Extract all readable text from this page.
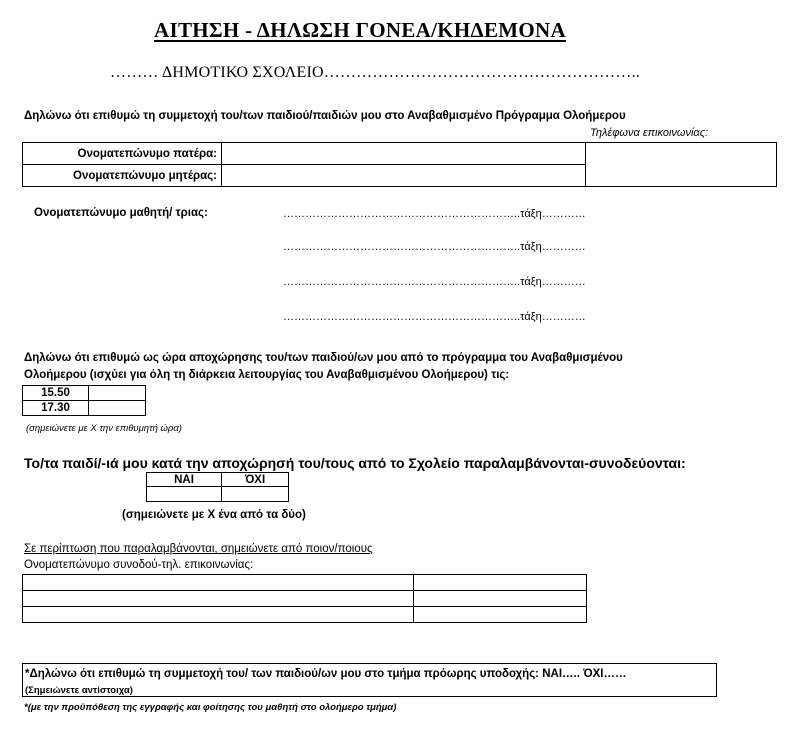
ΑΙΤΗΣΗ - ΔΗΛΩΣΗ ΓΟΝΕΑ/ΚΗΔΕΜΟΝΑ
……… ΔΗΜΟΤΙΚΟ ΣΧΟΛΕΙΟ…………………………………………………..
Δηλώνω ότι επιθυμώ τη συμμετοχή του/των παιδιού/παιδιών μου στο Αναβαθμισμένο Πρόγραμμα Ολοήμερου
Τηλέφωνα επικοινωνίας:
Ονοματεπώνυμο πατέρα:		
Ονοματεπώνυμο μητέρας:		
Ονοματεπώνυμο μαθητή/ τριας:	………………………………………………………..τάξη…………
………………………………………………………..τάξη…………
………………………………………………………..τάξη…………
………………………………………………………..τάξη…………
Δηλώνω ότι επιθυμώ ως ώρα αποχώρησης του/των παιδιού/ων μου από το πρόγραμμα του Αναβαθμισμένου
Ολοήμερου (ισχύει για όλη τη διάρκεια λειτουργίας του Αναβαθμισμένου Ολοήμερου) τις:
15.50	
17.30	
(σημειώνετε με Χ την επιθυμητή ώρα)
Το/τα παιδί/-ιά μου κατά την αποχώρησή του/τους από το Σχολείο παραλαμβάνονται-συνοδεύονται:
ΝΑΙ	ΌΧΙ

(σημειώνετε με Χ ένα από τα δύο)
Σε περίπτωση που παραλαμβάνονται, σημειώνετε από ποιον/ποιους
Ονοματεπώνυμο συνοδού-τηλ. επικοινωνίας:

*Δηλώνω ότι επιθυμώ τη συμμετοχή του/ των παιδιού/ων μου στο τμήμα πρόωρης υποδοχής: ΝΑΙ….. ΌΧΙ……
(Σημειώνετε αντίστοιχα)
*(με την προϋπόθεση της εγγραφής και φοίτησης του μαθητή στο ολοήμερο τμήμα)
